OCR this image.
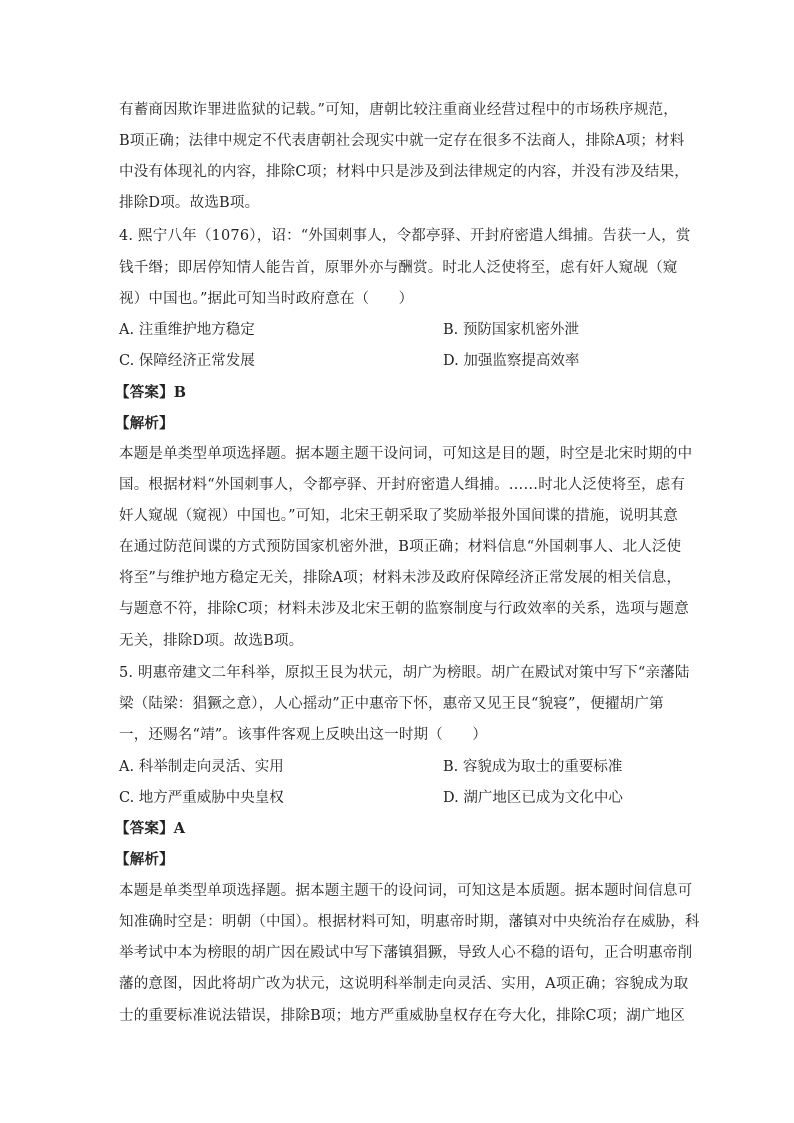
有蓄商因欺诈罪进监狱的记载。”可知，唐朝比较注重商业经营过程中的市场秩序规范，
B项正确；法律中规定不代表唐朝社会现实中就一定存在很多不法商人，排除A项；材料
中没有体现礼的内容，排除C项；材料中只是涉及到法律规定的内容，并没有涉及结果，
排除D项。故选B项。
4. 熙宁八年（1076），诏：“外国刺事人，令都亭驿、开封府密遣人缉捕。告获一人，赏
钱千缗；即居停知情人能告首，原罪外亦与酬赏。时北人泛使将至，虑有奸人窥觇（窥
视）中国也。”据此可知当时政府意在（　　）
A. 注重维护地方稳定	B. 预防国家机密外泄
C. 保障经济正常发展	D. 加强监察提高效率
【答案】B
【解析】
本题是单类型单项选择题。据本题主题干设问词，可知这是目的题，时空是北宋时期的中
国。根据材料“外国刺事人，令都亭驿、开封府密遣人缉捕。……时北人泛使将至，虑有
奸人窥觇（窥视）中国也。”可知，北宋王朝采取了奖励举报外国间谍的措施，说明其意
在通过防范间谍的方式预防国家机密外泄，B项正确；材料信息“外国刺事人、北人泛使
将至”与维护地方稳定无关，排除A项；材料未涉及政府保障经济正常发展的相关信息，
与题意不符，排除C项；材料未涉及北宋王朝的监察制度与行政效率的关系，选项与题意
无关，排除D项。故选B项。
5. 明惠帝建文二年科举，原拟王艮为状元，胡广为榜眼。胡广在殿试对策中写下“亲藩陆
梁（陆梁：猖獗之意），人心摇动”正中惠帝下怀，惠帝又见王艮“貌寝”，便擢胡广第
一，还赐名“靖”。该事件客观上反映出这一时期（　　）
A. 科举制走向灵活、实用	B. 容貌成为取士的重要标准
C. 地方严重威胁中央皇权	D. 湖广地区已成为文化中心
【答案】A
【解析】
本题是单类型单项选择题。据本题主题干的设问词，可知这是本质题。据本题时间信息可
知准确时空是：明朝（中国）。根据材料可知，明惠帝时期，藩镇对中央统治存在威胁，科
举考试中本为榜眼的胡广因在殿试中写下藩镇猖獗，导致人心不稳的语句，正合明惠帝削
藩的意图，因此将胡广改为状元，这说明科举制走向灵活、实用，A项正确；容貌成为取
士的重要标准说法错误，排除B项；地方严重威胁皇权存在夸大化，排除C项；湖广地区
